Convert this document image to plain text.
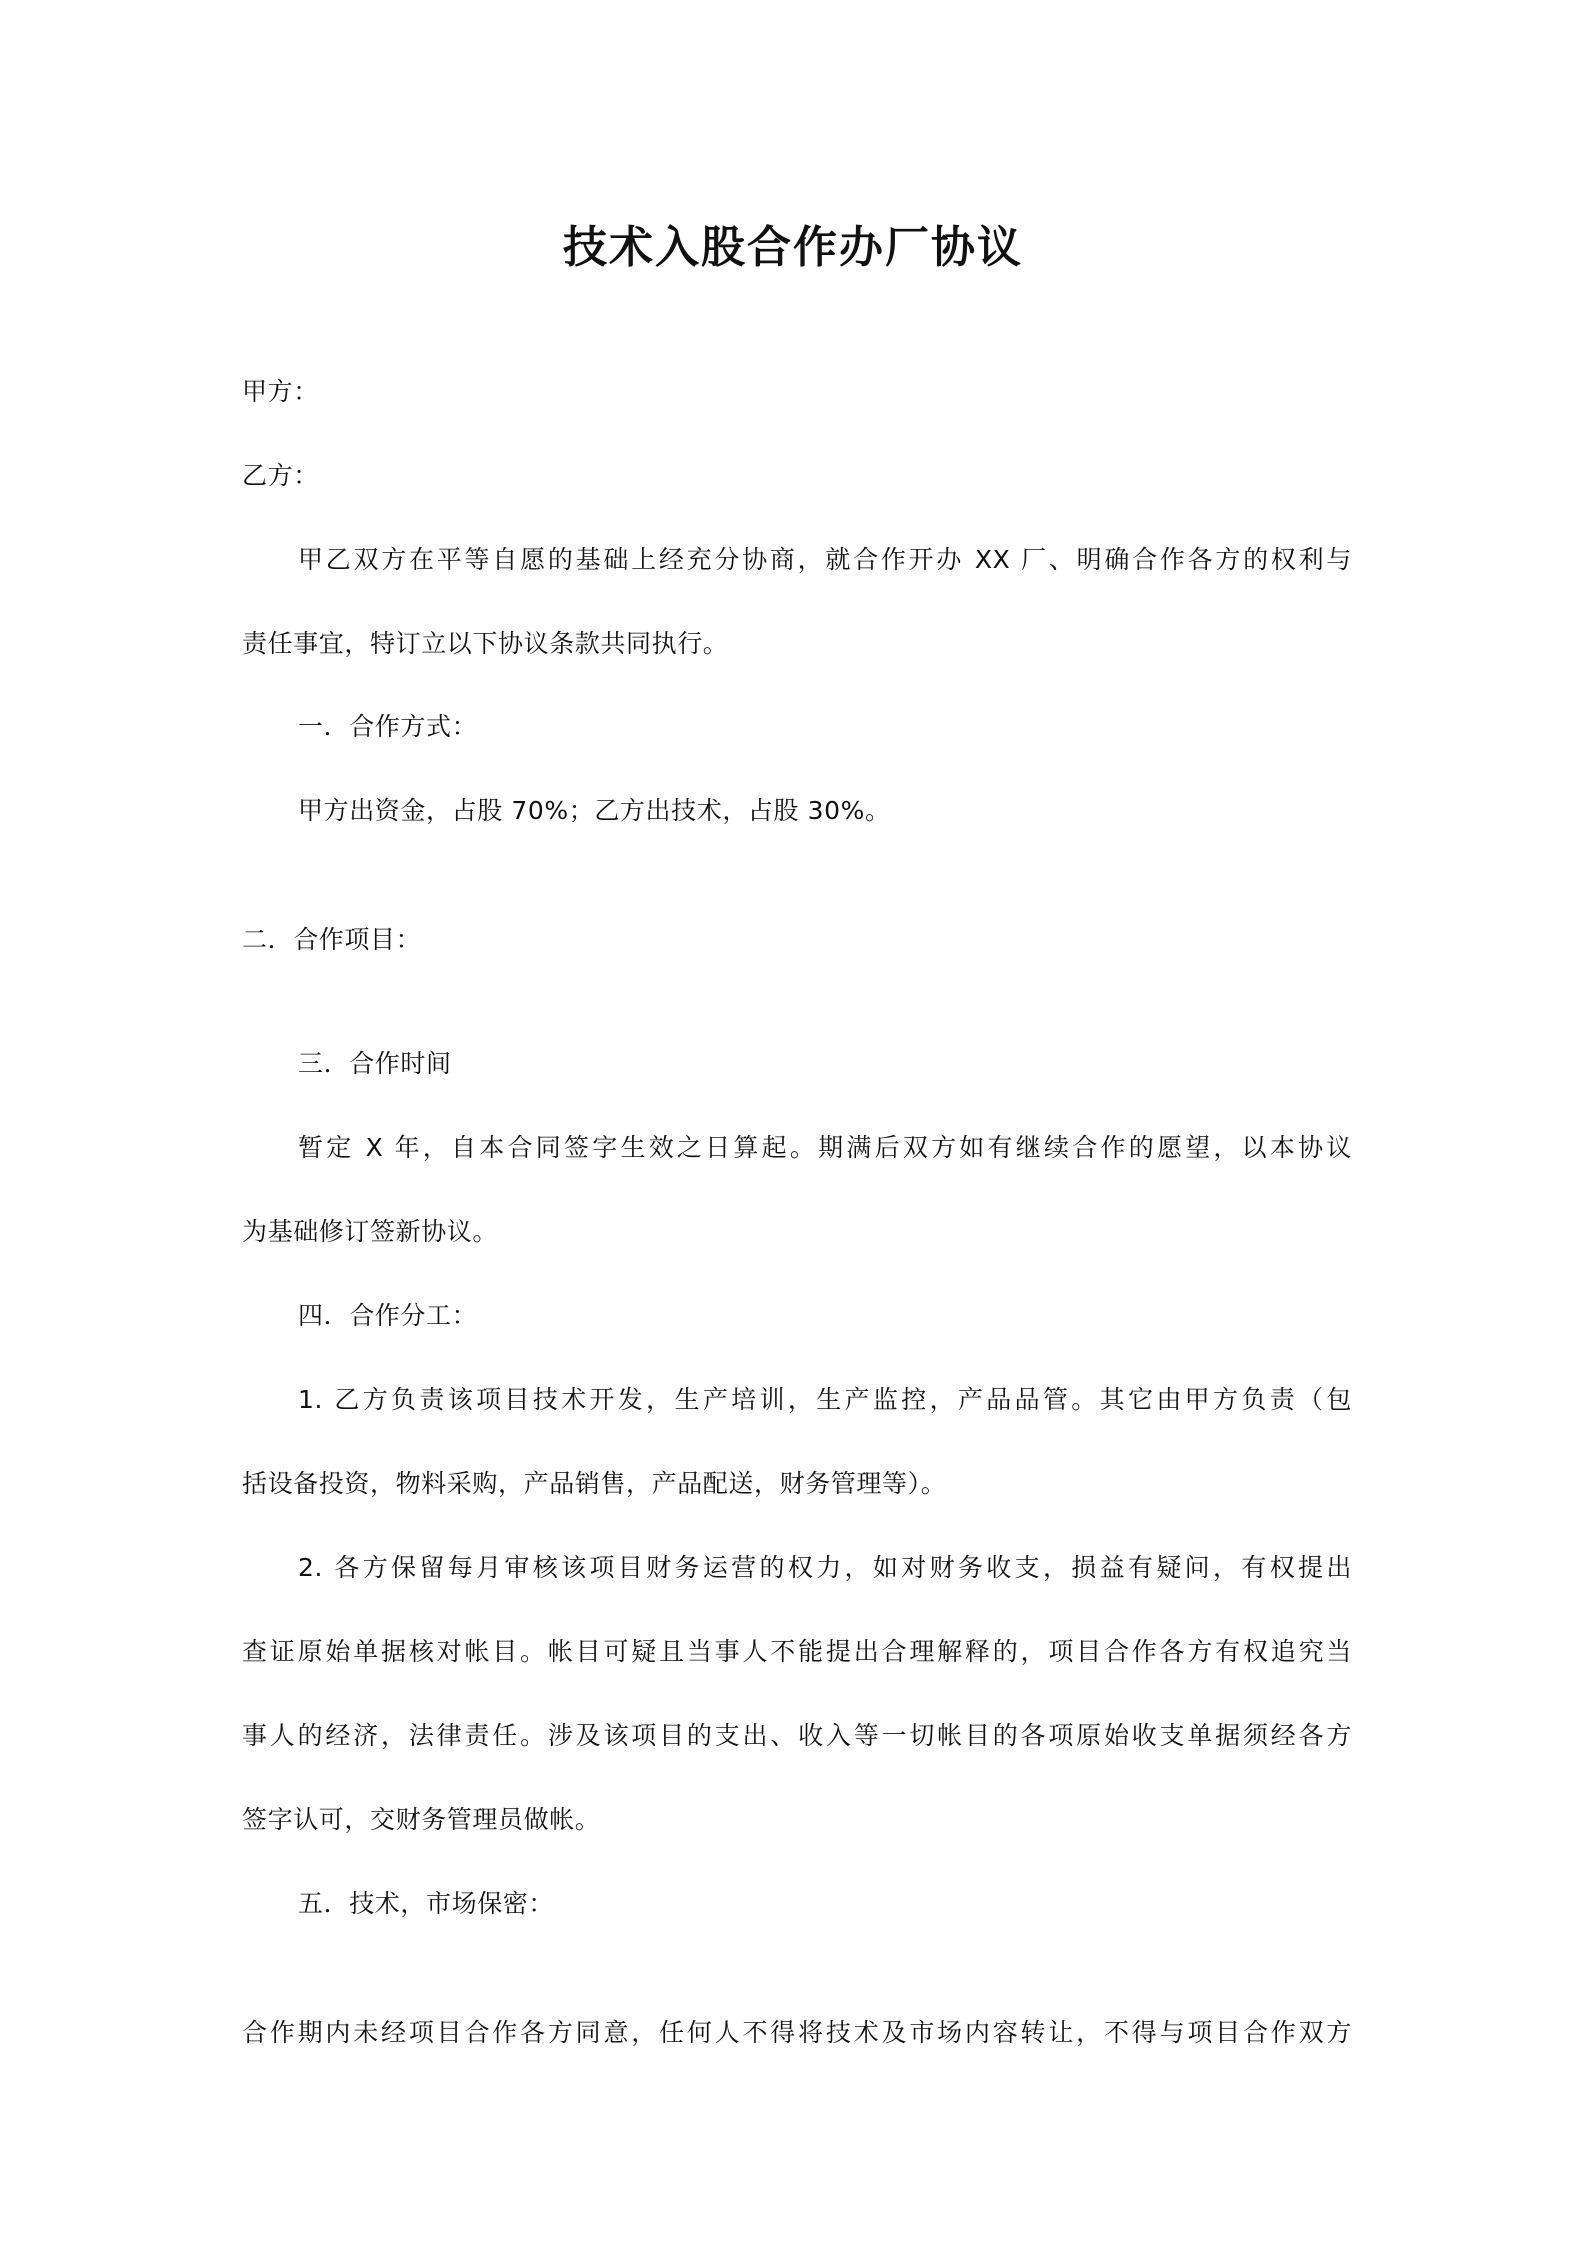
技术入股合作办厂协议
甲方：
乙方：
甲乙双方在平等自愿的基础上经充分协商，就合作开办 XX 厂、明确合作各方的权利与
责任事宜，特订立以下协议条款共同执行。
一．合作方式：
甲方出资金，占股 70%；乙方出技术，占股 30%。
二．合作项目：
三．合作时间
暂定 X 年，自本合同签字生效之日算起。期满后双方如有继续合作的愿望，以本协议
为基础修订签新协议。
四．合作分工：
1. 乙方负责该项目技术开发，生产培训，生产监控，产品品管。其它由甲方负责（包
括设备投资，物料采购，产品销售，产品配送，财务管理等）。
2. 各方保留每月审核该项目财务运营的权力，如对财务收支，损益有疑问，有权提出
查证原始单据核对帐目。帐目可疑且当事人不能提出合理解释的，项目合作各方有权追究当
事人的经济，法律责任。涉及该项目的支出、收入等一切帐目的各项原始收支单据须经各方
签字认可，交财务管理员做帐。
五．技术，市场保密：
合作期内未经项目合作各方同意，任何人不得将技术及市场内容转让，不得与项目合作双方
